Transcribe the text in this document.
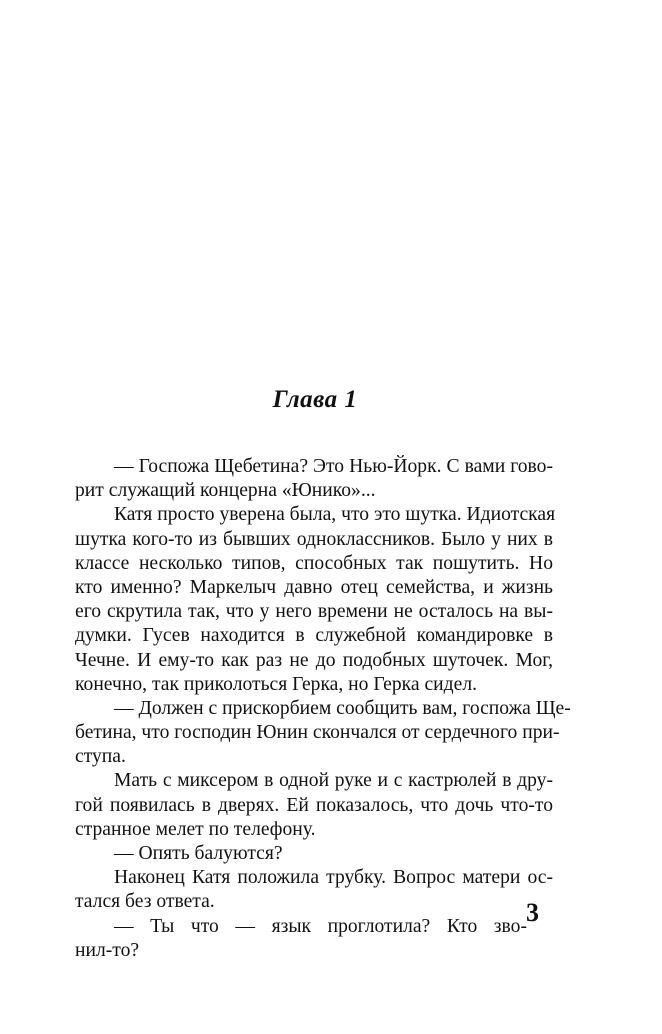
Глава 1
— Госпожа Щебетина? Это Нью-Йорк. С вами гово-
рит служащий концерна «Юнико»...
Катя просто уверена была, что это шутка. Идиотская
шутка кого-то из бывших одноклассников. Было у них в
классе несколько типов, способных так пошутить. Но
кто именно? Маркелыч давно отец семейства, и жизнь
его скрутила так, что у него времени не осталось на вы-
думки. Гусев находится в служебной командировке в
Чечне. И ему-то как раз не до подобных шуточек. Мог,
конечно, так приколоться Герка, но Герка сидел.
— Должен с прискорбием сообщить вам, госпожа Ще-
бетина, что господин Юнин скончался от сердечного при-
ступа.
Мать с миксером в одной руке и с кастрюлей в дру-
гой появилась в дверях. Ей показалось, что дочь что-то
странное мелет по телефону.
— Опять балуются?
Наконец Катя положила трубку. Вопрос матери ос-
тался без ответа.
— Ты что — язык проглотила? Кто зво-
нил-то?
3
